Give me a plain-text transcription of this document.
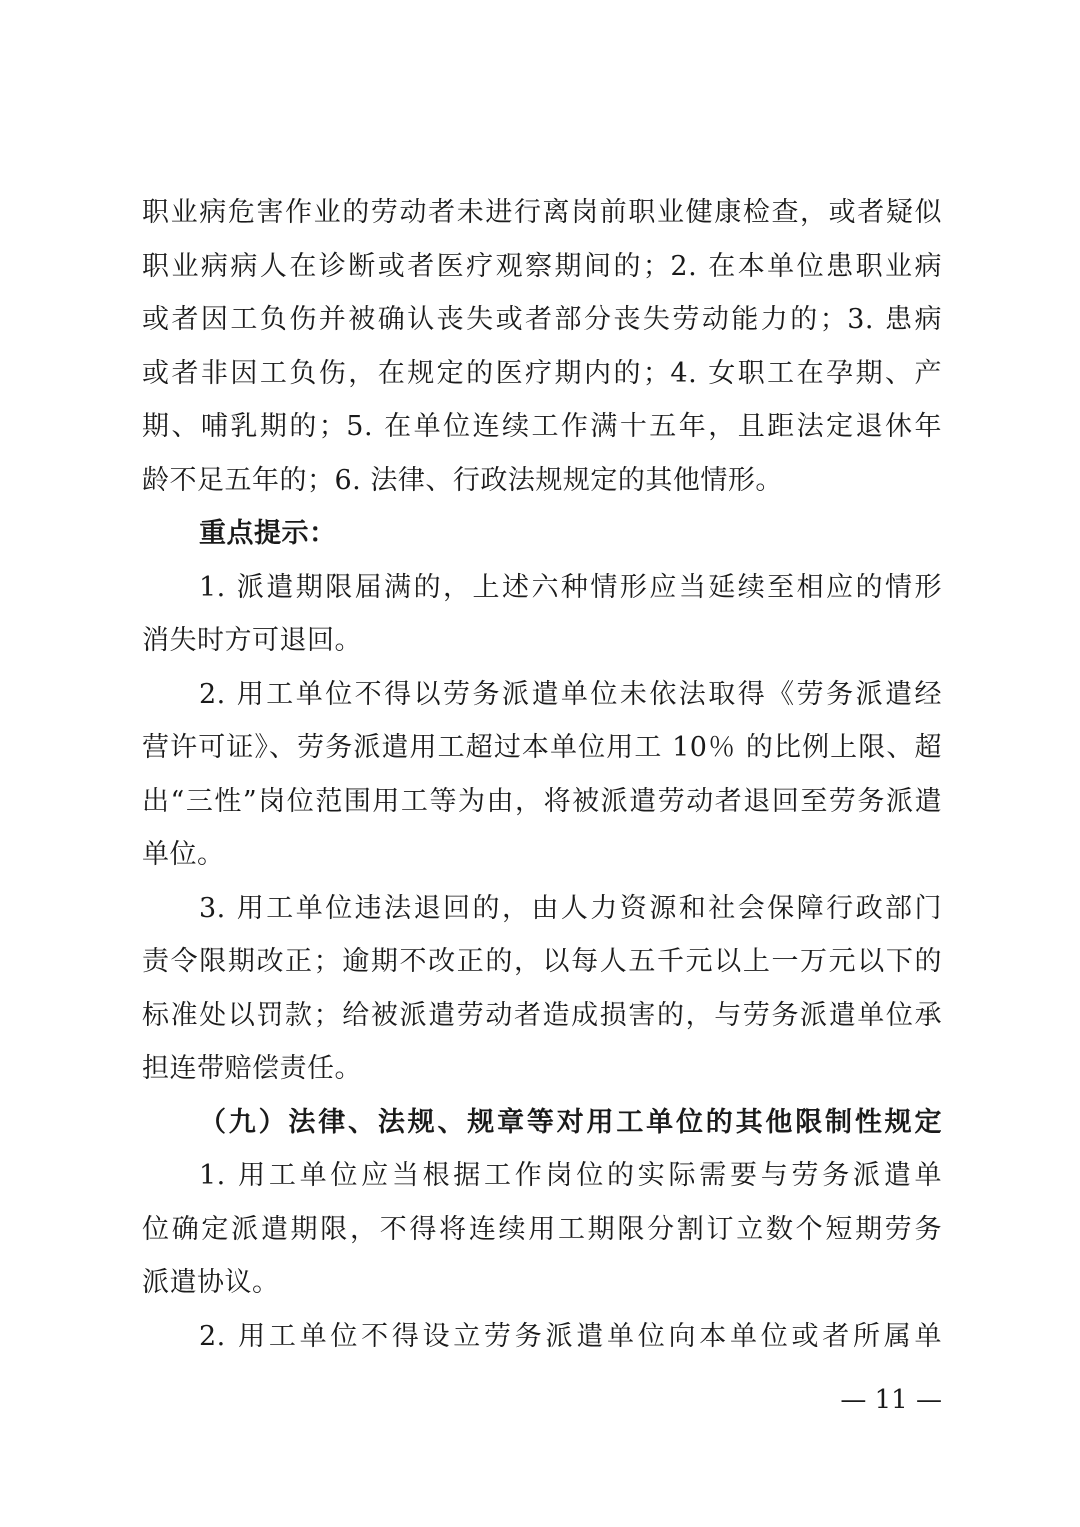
职业病危害作业的劳动者未进行离岗前职业健康检查，或者疑似
职业病病人在诊断或者医疗观察期间的；2. 在本单位患职业病
或者因工负伤并被确认丧失或者部分丧失劳动能力的；3. 患病
或者非因工负伤，在规定的医疗期内的；4. 女职工在孕期、产
期、哺乳期的；5. 在单位连续工作满十五年，且距法定退休年
龄不足五年的；6. 法律、行政法规规定的其他情形。
重点提示：
1. 派遣期限届满的，上述六种情形应当延续至相应的情形
消失时方可退回。
2. 用工单位不得以劳务派遣单位未依法取得《劳务派遣经
营许可证》、劳务派遣用工超过本单位用工 10％ 的比例上限、超
出“三性”岗位范围用工等为由，将被派遣劳动者退回至劳务派遣
单位。
3. 用工单位违法退回的，由人力资源和社会保障行政部门
责令限期改正；逾期不改正的，以每人五千元以上一万元以下的
标准处以罚款；给被派遣劳动者造成损害的，与劳务派遣单位承
担连带赔偿责任。
（九）法律、法规、规章等对用工单位的其他限制性规定
1. 用工单位应当根据工作岗位的实际需要与劳务派遣单
位确定派遣期限，不得将连续用工期限分割订立数个短期劳务
派遣协议。
2. 用工单位不得设立劳务派遣单位向本单位或者所属单
— 11 —
